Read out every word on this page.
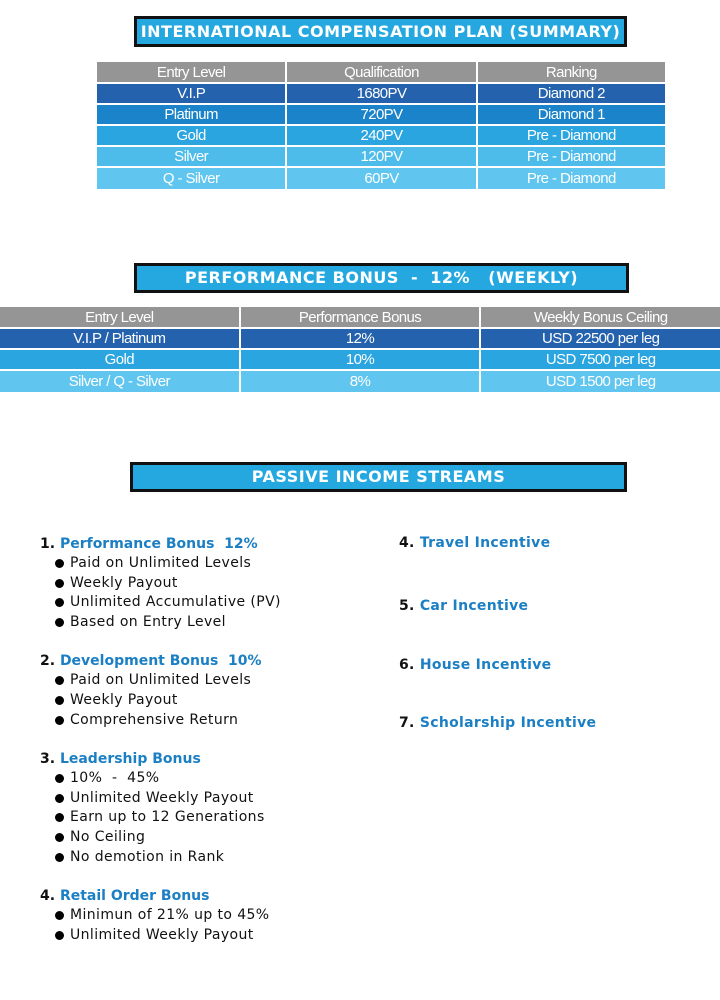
INTERNATIONAL COMPENSATION PLAN (SUMMARY)
Entry Level	Qualification	Ranking
V.I.P	1680PV	Diamond 2
Platinum	720PV	Diamond 1
Gold	240PV	Pre - Diamond
Silver	120PV	Pre - Diamond
Q - Silver	60PV	Pre - Diamond
PERFORMANCE BONUS  -  12%   (WEEKLY)
Entry Level	Performance Bonus	Weekly Bonus Ceiling
V.I.P / Platinum	12%	USD 22500 per leg
Gold	10%	USD 7500 per leg
Silver / Q - Silver	8%	USD 1500 per leg
PASSIVE INCOME STREAMS
1. Performance Bonus  12%
Paid on Unlimited Levels
Weekly Payout
Unlimited Accumulative (PV)
Based on Entry Level
2. Development Bonus  10%
Paid on Unlimited Levels
Weekly Payout
Comprehensive Return
3. Leadership Bonus
10%  -  45%
Unlimited Weekly Payout
Earn up to 12 Generations
No Ceiling
No demotion in Rank
4. Retail Order Bonus
Minimun of 21% up to 45%
Unlimited Weekly Payout
4. Travel Incentive
5. Car Incentive
6. House Incentive
7. Scholarship Incentive
